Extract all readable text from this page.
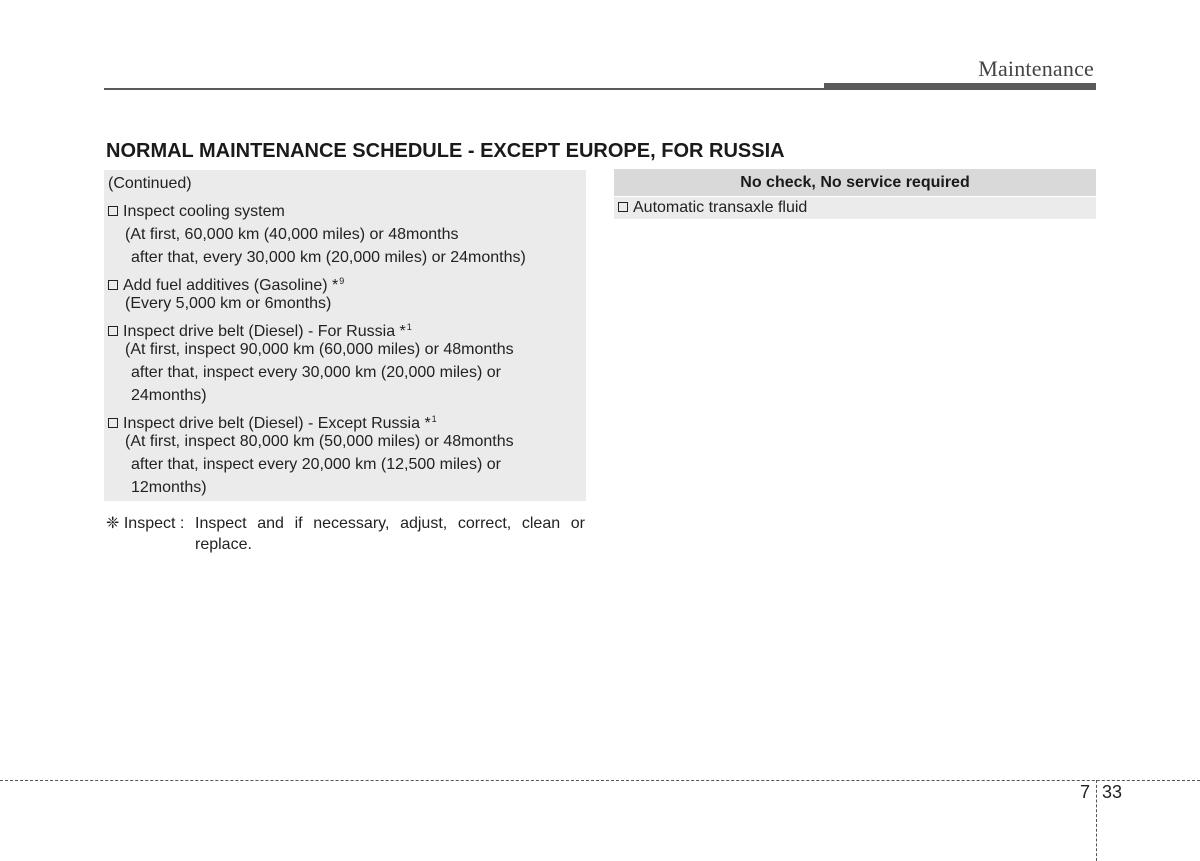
Maintenance
NORMAL MAINTENANCE SCHEDULE - EXCEPT EUROPE, FOR RUSSIA
(Continued)
Inspect cooling system
(At first, 60,000 km (40,000 miles) or 48months
after that, every 30,000 km (20,000 miles) or 24months)
Add fuel additives (Gasoline) *$^9$
(Every 5,000 km or 6months)
Inspect drive belt (Diesel) - For Russia *$^1$
(At first, inspect 90,000 km (60,000 miles) or 48months
after that, inspect every 30,000 km (20,000 miles) or
24months)
Inspect drive belt (Diesel) - Except Russia *$^1$
(At first, inspect 80,000 km (50,000 miles) or 48months
after that, inspect every 20,000 km (12,500 miles) or
12months)
❈ Inspect : Inspect and if necessary, adjust, correct, clean or replace.
No check, No service required
Automatic transaxle fluid
7 33
